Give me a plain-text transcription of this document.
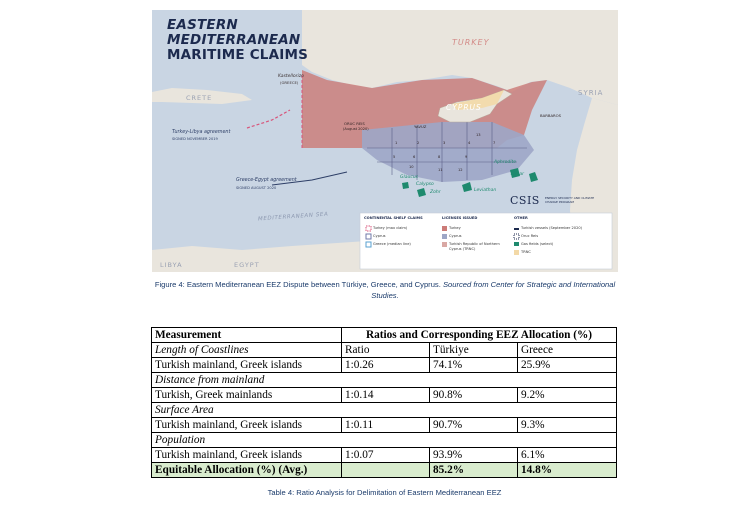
EASTERN
MEDITERRANEAN
MARITIME CLAIMS
TURKEY
SYRIA
CRETE
CYPRUS
LIBYA	EGYPT
MEDITERRANEAN SEA
Kastellorizo
(GREECE)
Turkey-Libya agreement
SIGNED NOVEMBER 2019
Greece-Egypt agreement
SIGNED AUGUST 2020
ORUC REIS
(August 2020)	YAVUZ
BARBAROS
Aphrodite
Tamar
Glaucus
Calypso
Zohr	Leviathan
1	2	3	4
5	6
7
8	9
10
11	12
13
CSIS ENERGY SECURITY AND CLIMATE CHANGE PROGRAM
CONTINENTAL SHELF CLAIMS
Turkey (max claim)
Cyprus
Greece (median line)
LICENSES ISSUED
Turkey
Cyprus
Turkish Republic of Northern Cyprus (TRNC)
OTHER
Turkish vessels (September 2020)
Oruc Reis
Gas fields (select)
TRNC
Figure 4: Eastern Mediterranean EEZ Dispute between Türkiye, Greece, and Cyprus. Sourced from Center for Strategic and International Studies.
Measurement	Ratios and Corresponding EEZ Allocation (%)		
Length of Coastlines	Ratio	Türkiye	Greece
Turkish mainland, Greek islands	1:0.26	74.1%	25.9%
Distance from mainland			
Turkish, Greek mainlands	1:0.14	90.8%	9.2%
Surface Area			
Turkish mainland, Greek islands	1:0.11	90.7%	9.3%
Population			
Turkish mainland, Greek islands	1:0.07	93.9%	6.1%
Equitable Allocation (%) (Avg.)		85.2%	14.8%
Table 4: Ratio Analysis for Delimitation of Eastern Mediterranean EEZ
